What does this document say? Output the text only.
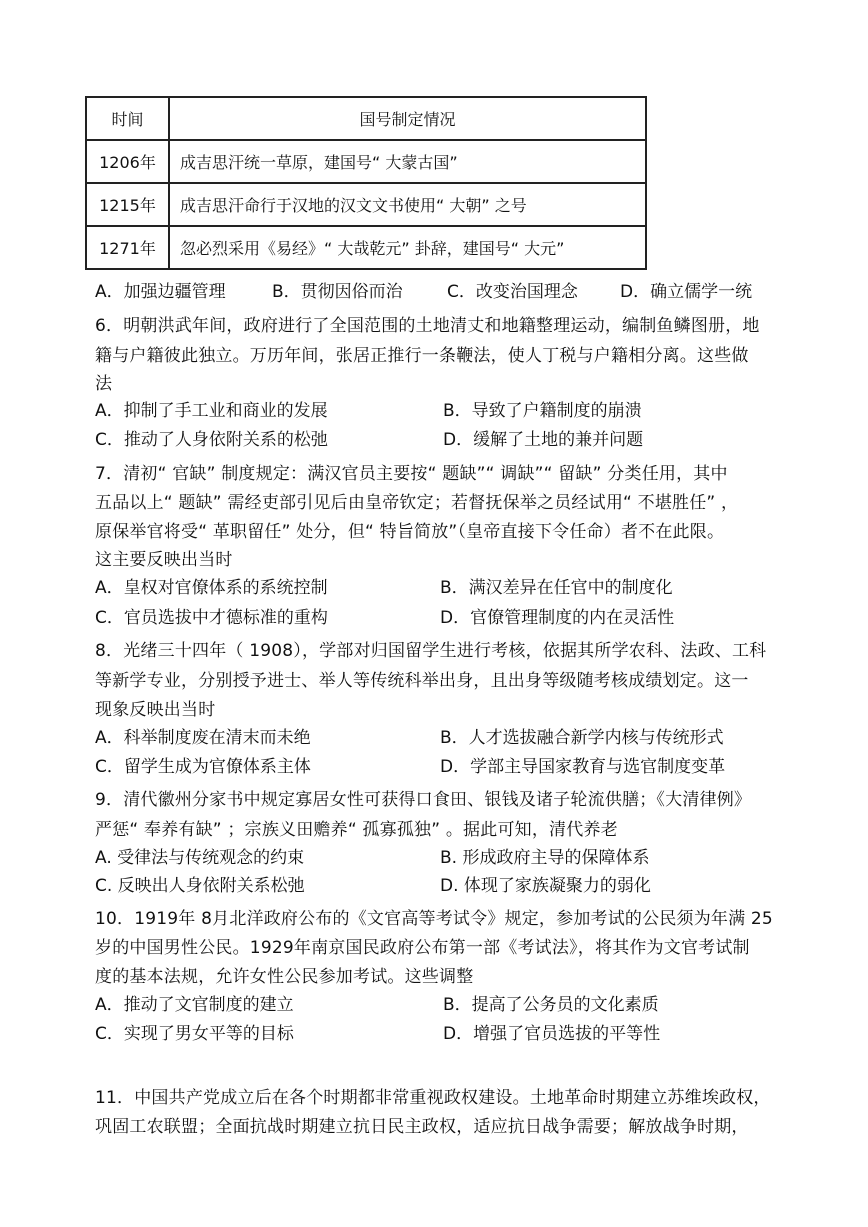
时间	国号制定情况
1206年	成吉思汗统一草原，建国号“ 大蒙古国”
1215年	成吉思汗命行于汉地的汉文文书使用“ 大朝” 之号
1271年	忽必烈采用《易经》“ 大哉乾元” 卦辞，建国号“ 大元”
A．加强边疆管理	B．贯彻因俗而治	C．改变治国理念 D．确立儒学一统
6．明朝洪武年间，政府进行了全国范围的土地清丈和地籍整理运动，编制鱼鳞图册，地
籍与户籍彼此独立。万历年间，张居正推行一条鞭法，使人丁税与户籍相分离。这些做
法
A．抑制了手工业和商业的发展	B．导致了户籍制度的崩溃
C．推动了人身依附关系的松弛	D．缓解了土地的兼并问题
7．清初“ 官缺” 制度规定：满汉官员主要按“ 题缺”“ 调缺”“ 留缺” 分类任用，其中
五品以上“ 题缺” 需经吏部引见后由皇帝钦定；若督抚保举之员经试用“ 不堪胜任” ，
原保举官将受“ 革职留任” 处分，但“ 特旨简放”（皇帝直接下令任命）者不在此限。
这主要反映出当时
A．皇权对官僚体系的系统控制	B．满汉差异在任官中的制度化
C．官员选拔中才德标准的重构	D．官僚管理制度的内在灵活性
8．光绪三十四年（ 1908），学部对归国留学生进行考核，依据其所学农科、法政、工科
等新学专业，分别授予进士、举人等传统科举出身，且出身等级随考核成绩划定。这一
现象反映出当时
A．科举制度废在清末而未绝	B．人才选拔融合新学内核与传统形式
C．留学生成为官僚体系主体	D．学部主导国家教育与选官制度变革
9．清代徽州分家书中规定寡居女性可获得口食田、银钱及诸子轮流供膳；《大清律例》
严惩“ 奉养有缺” ；宗族义田赡养“ 孤寡孤独” 。据此可知，清代养老
A. 受律法与传统观念的约束	B. 形成政府主导的保障体系
C. 反映出人身依附关系松弛	D. 体现了家族凝聚力的弱化
10．1919年 8月北洋政府公布的《文官高等考试令》规定，参加考试的公民须为年满 25
岁的中国男性公民。1929年南京国民政府公布第一部《考试法》，将其作为文官考试制
度的基本法规，允许女性公民参加考试。这些调整
A．推动了文官制度的建立	B．提高了公务员的文化素质
C．实现了男女平等的目标	D．增强了官员选拔的平等性
11．中国共产党成立后在各个时期都非常重视政权建设。土地革命时期建立苏维埃政权，
巩固工农联盟；全面抗战时期建立抗日民主政权，适应抗日战争需要；解放战争时期，
